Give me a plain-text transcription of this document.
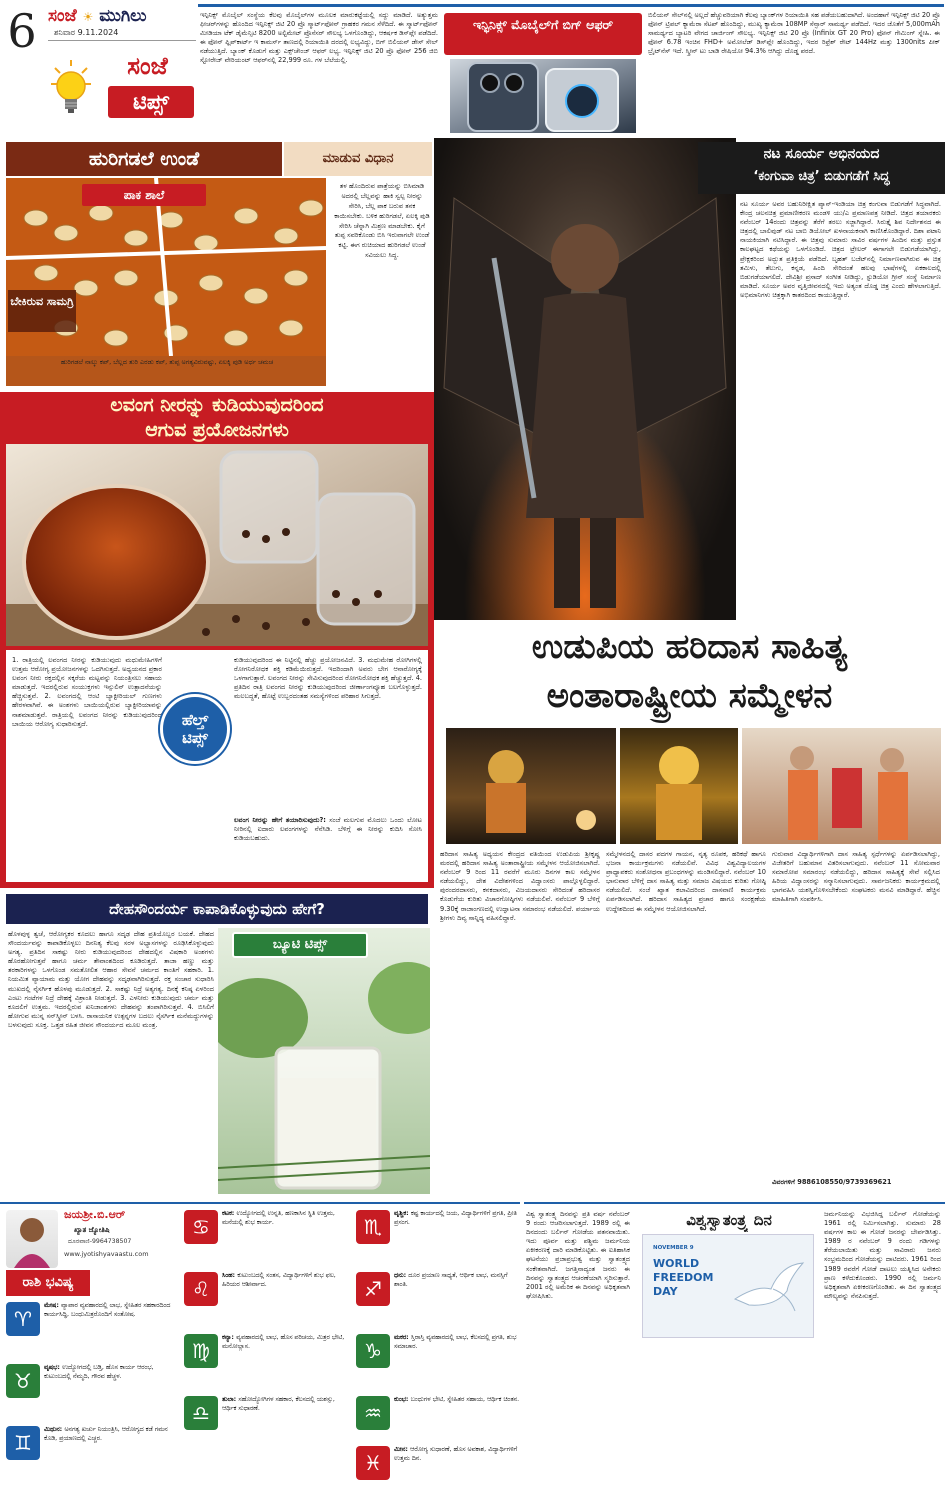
6 ಸಂಜೆ ☀ ಮುಗಿಲು
ಶನಿವಾರ 9.11.2024
ಸಂಜೆ
ಟಿಪ್ಸ್
ಇನ್ಫಿನಿಕ್ಸ್ ಮೊಬೈಲ್ ಸಂಸ್ಥೆಯ ಕೆಲವು ಮೊಬೈಲ್‌ಗಳ ಮೂಲಕ ಮಾರುಕಟ್ಟೆಯಲ್ಲಿ ಸದ್ದು ಮಾಡಿದೆ. ಅತ್ಯುತ್ತಮ ಫೀಚರ್‌ಗಳನ್ನು ಹೊಂದಿದ ಇನ್ಫಿನಿಕ್ಸ್ ಜಿಟಿ 20 ಪ್ರೊ ಸ್ಮಾರ್ಟ್‌ಫೋನ್ ಗ್ರಾಹಕರ ಗಮನ ಸೆಳೆದಿದೆ. ಈ ಸ್ಮಾರ್ಟ್‌ಫೋನ್ ಮೀಡಿಯಾ ಟೆಕ್ ಡೈಮೆನ್ಸಿಟಿ 8200 ಅಲ್ಟಿಮೇಟ್ ಪ್ರೊಸೆಸರ್ ಸೌಲಭ್ಯ ಒಳಗೊಂಡಿದ್ದು, ಆಕರ್ಷಕ ಡಿಸ್‌ಪ್ಲೇ ಪಡೆದಿದೆ. ಈ ಫೋನ್ ಫ್ಲಿಪ್‌ಕಾರ್ಟ್ ಇ ಕಾಮರ್ಸ್ ತಾಣದಲ್ಲಿ ರಿಯಾಯಿತಿ ದರದಲ್ಲಿ ಲಭ್ಯವಿದ್ದು, ಬಿಗ್ ಬಿಲಿಯನ್ ಡೇಸ್ ಸೇಲ್ ನಡೆಯುತ್ತಿದೆ. ಬ್ಯಾಂಕ್ ಕೊಡುಗೆ ಮತ್ತು ಎಕ್ಸ್‌ಚೇಂಜ್ ಆಫರ್ ಲಭ್ಯ. ಇನ್ಫಿನಿಕ್ಸ್ ಜಿಟಿ 20 ಪ್ರೊ ಫೋನ್ 256 ಜಿಬಿ ಸ್ಟೋರೇಜ್ ವೇರಿಯಂಟ್ ಆಫರ್‌ನಲ್ಲಿ 22,999 ರೂ. ಗಳ ಬೆಲೆಯಲ್ಲಿ.
ಇನ್ಫಿನಿಕ್ಸ್ ಮೊಬೈಲ್‌ಗೆ ಬಿಗ್ ಆಫರ್
ಬಿಲಿಯನ್ ಸೇಲ್‌ನಲ್ಲಿ ಅಲ್ಲದೆ ಹೆಚ್ಚುವರಿಯಾಗಿ ಕೆಲವು ಬ್ಯಾಂಕ್‌ಗಳ ರಿಯಾಯಿತಿ ಸಹ ಪಡೆಯಬಹುದಾಗಿದೆ. ಅಂದಹಾಗೆ ಇನ್ಫಿನಿಕ್ಸ್ ಜಿಟಿ 20 ಪ್ರೊ ಫೋನ್ ಟ್ರಿಪಲ್ ಕ್ಯಾಮೆರಾ ಸೆಟಪ್ ಹೊಂದಿದ್ದು, ಮುಖ್ಯ ಕ್ಯಾಮೆರಾ 108MP ಸೆನ್ಸಾರ್ ಸಾಮರ್ಥ್ಯ ಪಡೆದಿದೆ. ಇದರ ಜೊತೆಗೆ 5,000mAh ಸಾಮರ್ಥ್ಯದ ಬ್ಯಾಟರಿ ವೇಗದ ಚಾರ್ಜಿಂಗ್ ಸೌಲಭ್ಯ. ಇನ್ಫಿನಿಕ್ಸ್ ಜಿಟಿ 20 ಪ್ರೊ (Infinix GT 20 Pro) ಫೋನ್ ಗೇಮಿಂಗ್ ಸ್ನೇಹಿ. ಈ ಫೋನ್ 6.78 ಇಂಚಿನ FHD+ ಅಮೋಲೆಡ್ ಡಿಸ್‌ಪ್ಲೇ ಹೊಂದಿದ್ದು, ಇದರ ರಿಫ್ರೆಶ್ ರೇಟ್ 144Hz ಮತ್ತು 1300nits ಪೀಕ್ ಬ್ರೈಟ್‌ನೆಸ್ ಇದೆ. ಸ್ಕ್ರೀನ್ ಟು ಬಾಡಿ ರೇಷಿಯೋ 94.3% ಆಗಿದ್ದು ದೊಡ್ಡ ಪರದೆ.
ಹುರಿಗಡಲೆ ಉಂಡೆ	ಮಾಡುವ ವಿಧಾನ
ಪಾಕ ಶಾಲೆ
ಬೇಕಿರುವ ಸಾಮಗ್ರಿ
ಹುರಿಗಡಲೆ ನಾಲ್ಕು ಕಪ್, ಬೆಲ್ಲದ ತುರಿ ಎರಡು ಕಪ್, ತುಪ್ಪ ಅಗತ್ಯವಿರುವಷ್ಟು, ಏಲಕ್ಕಿ ಪುಡಿ ಅರ್ಧ ಚಮಚ
ತಳ ಹೊಂದಿರುವ ಪಾತ್ರೆಯನ್ನು ಬಿಸಿಮಾಡಿ ಅದರಲ್ಲಿ ಬೆಲ್ಲವನ್ನು ಹಾಕಿ ಸ್ವಲ್ಪ ನೀರನ್ನು ಸೇರಿಸಿ, ಬೆಲ್ಲ ಪಾಕ ಬರುವ ತನಕ ಕಾಯಿಸಬೇಕು. ಬಳಿಕ ಹುರಿಗಡಲೆ, ಏಲಕ್ಕಿ ಪುಡಿ ಸೇರಿಸಿ ಚೆನ್ನಾಗಿ ಮಿಶ್ರಣ ಮಾಡಬೇಕು. ಕೈಗೆ ತುಪ್ಪ ಸವರಿಕೊಂಡು ಬಿಸಿ ಇರುವಾಗಲೇ ಉಂಡೆ ಕಟ್ಟಿ. ಈಗ ರುಚಿಯಾದ ಹುರಿಗಡಲೆ ಉಂಡೆ ಸವಿಯಲು ಸಿದ್ಧ.
ಲವಂಗ ನೀರನ್ನು ಕುಡಿಯುವುದರಿಂದ
ಆಗುವ ಪ್ರಯೋಜನಗಳು
1. ರಾತ್ರಿಯಲ್ಲಿ ಲವಂಗದ ನೀರನ್ನು ಕುಡಿಯುವುದು ಮಧುಮೇಹಿಗಳಿಗೆ ಉತ್ತಮ ಆರೋಗ್ಯ ಪ್ರಯೋಜನಗಳನ್ನು ಒದಗಿಸುತ್ತದೆ. ಅಧ್ಯಯನದ ಪ್ರಕಾರ ಲವಂಗ ನೀರು ರಕ್ತದಲ್ಲಿನ ಸಕ್ಕರೆಯ ಮಟ್ಟವನ್ನು ನಿಯಂತ್ರಿಸಲು ಸಹಾಯ ಮಾಡುತ್ತದೆ. ಇದರಲ್ಲಿರುವ ಸಂಯುಕ್ತಗಳು ಇನ್ಸುಲಿನ್ ಉತ್ಪಾದನೆಯನ್ನು ಹೆಚ್ಚಿಸುತ್ತವೆ. 2. ಲವಂಗದಲ್ಲಿ ಆಂಟಿ ಬ್ಯಾಕ್ಟೀರಿಯಲ್ ಗುಣಗಳು ಹೇರಳವಾಗಿವೆ. ಈ ಅಂಶಗಳು ಬಾಯಿಯಲ್ಲಿರುವ ಬ್ಯಾಕ್ಟೀರಿಯಾವನ್ನು ನಾಶಮಾಡುತ್ತವೆ. ರಾತ್ರಿಯಲ್ಲಿ ಲವಂಗದ ನೀರನ್ನು ಕುಡಿಯುವುದರಿಂದ ಬಾಯಿಯ ಆರೋಗ್ಯ ಸುಧಾರಿಸುತ್ತದೆ.	ಹೆಲ್ತ್
ಟಿಪ್ಸ್
ಕುಡಿಯುವುದರಿಂದ ಈ ನಿಟ್ಟಿನಲ್ಲಿ ಹೆಚ್ಚು ಪ್ರಯೋಜನವಿದೆ. 3. ಮಧುಮೇಹ ರೋಗಿಗಳಲ್ಲಿ ರೋಗನಿರೋಧಕ ಶಕ್ತಿ ಕಡಿಮೆಯಿರುತ್ತದೆ. ಇದರಿಂದಾಗಿ ಅವರು ಬೇಗ ಆನಾರೋಗ್ಯಕ್ಕೆ ಒಳಗಾಗುತ್ತಾರೆ. ಲವಂಗದ ನೀರನ್ನು ಸೇವಿಸುವುದರಿಂದ ರೋಗನಿರೋಧಕ ಶಕ್ತಿ ಹೆಚ್ಚುತ್ತದೆ. 4. ಪ್ರತಿದಿನ ರಾತ್ರಿ ಲವಂಗದ ನೀರನ್ನು ಕುಡಿಯುವುದರಿಂದ ಜೀರ್ಣಾಂಗವ್ಯೂಹ ಬಲಗೊಳ್ಳುತ್ತದೆ. ಮಲಬದ್ಧತೆ, ಹೊಟ್ಟೆ ಉಬ್ಬರದಂತಹ ಸಮಸ್ಯೆಗಳಿಂದ ಪರಿಹಾರ ಸಿಗುತ್ತದೆ.
ಲವಂಗ ನೀರನ್ನು ಹೇಗೆ ತಯಾರಿಸುವುದು?: ಸಂಜೆ ಮಲಗುವ ಮೊದಲು ಒಂದು ಲೋಟ ನೀರಿನಲ್ಲಿ ಐದಾರು ಲವಂಗಗಳನ್ನು ನೆನೆಸಿಡಿ. ಬೆಳಿಗ್ಗೆ ಈ ನೀರನ್ನು ಕುದಿಸಿ ಸೋಸಿ ಕುಡಿಯಬಹುದು.
ದೇಹಸೌಂದರ್ಯ ಕಾಪಾಡಿಕೊಳ್ಳುವುದು ಹೇಗೆ?
ಹೊಳಪುಳ್ಳ ತ್ವಚೆ, ಆರೋಗ್ಯಕರ ಕೂದಲು ಹಾಗೂ ಸದೃಢ ದೇಹ ಪ್ರತಿಯೊಬ್ಬರ ಬಯಕೆ. ದೇಹದ ಸೌಂದರ್ಯವನ್ನು ಕಾಪಾಡಿಕೊಳ್ಳಲು ದಿನನಿತ್ಯ ಕೆಲವು ಸರಳ ಅಭ್ಯಾಸಗಳನ್ನು ರೂಢಿಸಿಕೊಳ್ಳುವುದು ಅಗತ್ಯ. ಪ್ರತಿದಿನ ಸಾಕಷ್ಟು ನೀರು ಕುಡಿಯುವುದರಿಂದ ದೇಹದಲ್ಲಿನ ವಿಷಕಾರಿ ಅಂಶಗಳು ಹೊರಹೋಗುತ್ತವೆ ಹಾಗೂ ಚರ್ಮ ತೇವಾಂಶದಿಂದ ಕೂಡಿರುತ್ತದೆ. ತಾಜಾ ಹಣ್ಣು ಮತ್ತು ತರಕಾರಿಗಳನ್ನು ಒಳಗೊಂಡ ಸಮತೋಲಿತ ಆಹಾರ ಸೇವನೆ ಚರ್ಮದ ಕಾಂತಿಗೆ ಸಹಕಾರಿ. 1. ನಿಯಮಿತ ವ್ಯಾಯಾಮ ಮತ್ತು ಯೋಗ ದೇಹವನ್ನು ಸದೃಢವಾಗಿರಿಸುತ್ತದೆ. ರಕ್ತ ಸಂಚಾರ ಸುಧಾರಿಸಿ ಮುಖದಲ್ಲಿ ನೈಸರ್ಗಿಕ ಹೊಳಪು ಮೂಡುತ್ತದೆ. 2. ಸಾಕಷ್ಟು ನಿದ್ರೆ ಅತ್ಯಗತ್ಯ. ದಿನಕ್ಕೆ ಕನಿಷ್ಠ ಏಳರಿಂದ ಎಂಟು ಗಂಟೆಗಳ ನಿದ್ರೆ ದೇಹಕ್ಕೆ ವಿಶ್ರಾಂತಿ ನೀಡುತ್ತದೆ. 3. ಎಳನೀರು ಕುಡಿಯುವುದು ಚರ್ಮ ಮತ್ತು ಕೂದಲಿಗೆ ಉತ್ತಮ. ಇದರಲ್ಲಿರುವ ಖನಿಜಾಂಶಗಳು ದೇಹವನ್ನು ತಂಪಾಗಿರಿಸುತ್ತವೆ. 4. ಬಿಸಿಲಿಗೆ ಹೋಗುವ ಮುನ್ನ ಸನ್‌ಸ್ಕ್ರೀನ್ ಬಳಸಿ. ರಾಸಾಯನಿಕ ಉತ್ಪನ್ನಗಳ ಬದಲು ನೈಸರ್ಗಿಕ ಮನೆಮದ್ದುಗಳನ್ನು ಬಳಸುವುದು ಸೂಕ್ತ. ಒತ್ತಡ ರಹಿತ ಜೀವನ ಸೌಂದರ್ಯದ ಮೂಲ ಮಂತ್ರ.
ಬ್ಯೂಟಿ ಟಿಪ್ಸ್
ನಟ ಸೂರ್ಯ ಅಭಿನಯದ
‘ಕಂಗುವಾ ಚಿತ್ರ’ ಬಿಡುಗಡೆಗೆ ಸಿದ್ಧ
ನಟ ಸೂರ್ಯ ಅವರ ಬಹುನಿರೀಕ್ಷಿತ ಪ್ಯಾನ್-ಇಂಡಿಯಾ ಚಿತ್ರ ಕಂಗುವಾ ಬಿಡುಗಡೆಗೆ ಸಿದ್ಧವಾಗಿದೆ. ಕೇಂದ್ರ ಚಲನಚಿತ್ರ ಪ್ರಮಾಣೀಕರಣ ಮಂಡಳಿ ಯು/ಎ ಪ್ರಮಾಣಪತ್ರ ನೀಡಿದೆ. ಚಿತ್ರದ ತಯಾರಕರು ನವೆಂಬರ್ 14ರಂದು ಚಿತ್ರವನ್ನು ತೆರೆಗೆ ತರಲು ಸಜ್ಜಾಗಿದ್ದಾರೆ. ಸಿರುತ್ತೈ ಶಿವ ನಿರ್ದೇಶನದ ಈ ಚಿತ್ರದಲ್ಲಿ ಬಾಲಿವುಡ್ ನಟ ಬಾಬಿ ಡಿಯೋಲ್ ಖಳನಾಯಕನಾಗಿ ಕಾಣಿಸಿಕೊಂಡಿದ್ದಾರೆ. ದಿಶಾ ಪಟಾನಿ ನಾಯಕಿಯಾಗಿ ನಟಿಸಿದ್ದಾರೆ. ಈ ಚಿತ್ರವು ಸುಮಾರು ಸಾವಿರ ವರ್ಷಗಳ ಹಿಂದಿನ ಮತ್ತು ಪ್ರಸ್ತುತ ಕಾಲಘಟ್ಟದ ಕಥೆಯನ್ನು ಒಳಗೊಂಡಿದೆ. ಚಿತ್ರದ ಟ್ರೇಲರ್ ಈಗಾಗಲೇ ಬಿಡುಗಡೆಯಾಗಿದ್ದು, ಪ್ರೇಕ್ಷಕರಿಂದ ಅದ್ಭುತ ಪ್ರತಿಕ್ರಿಯೆ ಪಡೆದಿದೆ. ಬೃಹತ್ ಬಜೆಟ್‌ನಲ್ಲಿ ನಿರ್ಮಾಣವಾಗಿರುವ ಈ ಚಿತ್ರ ತಮಿಳು, ತೆಲುಗು, ಕನ್ನಡ, ಹಿಂದಿ ಸೇರಿದಂತೆ ಹಲವು ಭಾಷೆಗಳಲ್ಲಿ ಏಕಕಾಲದಲ್ಲಿ ಬಿಡುಗಡೆಯಾಗಲಿದೆ. ದೇವಿಶ್ರೀ ಪ್ರಸಾದ್ ಸಂಗೀತ ನೀಡಿದ್ದು, ಸ್ಟುಡಿಯೋ ಗ್ರೀನ್ ಸಂಸ್ಥೆ ನಿರ್ಮಾಣ ಮಾಡಿದೆ. ಸೂರ್ಯ ಅವರ ವೃತ್ತಿಜೀವನದಲ್ಲಿ ಇದು ಅತ್ಯಂತ ದೊಡ್ಡ ಚಿತ್ರ ಎಂದು ಹೇಳಲಾಗುತ್ತಿದೆ. ಅಭಿಮಾನಿಗಳು ಚಿತ್ರಕ್ಕಾಗಿ ಕಾತರದಿಂದ ಕಾಯುತ್ತಿದ್ದಾರೆ.
ಉಡುಪಿಯ ಹರಿದಾಸ ಸಾಹಿತ್ಯ
ಅಂತಾರಾಷ್ಟ್ರೀಯ ಸಮ್ಮೇಳನ
ಹರಿದಾಸ ಸಾಹಿತ್ಯ ಅಧ್ಯಯನ ಕೇಂದ್ರದ ವತಿಯಿಂದ ಉಡುಪಿಯ ಶ್ರೀಕೃಷ್ಣ ಮಠದಲ್ಲಿ ಹರಿದಾಸ ಸಾಹಿತ್ಯ ಅಂತಾರಾಷ್ಟ್ರೀಯ ಸಮ್ಮೇಳನ ಆಯೋಜಿಸಲಾಗಿದೆ. ನವೆಂಬರ್ 9 ರಿಂದ 11 ರವರೆಗೆ ಮೂರು ದಿನಗಳ ಕಾಲ ಸಮ್ಮೇಳನ ನಡೆಯಲಿದ್ದು, ದೇಶ ವಿದೇಶಗಳಿಂದ ವಿದ್ವಾಂಸರು ಪಾಲ್ಗೊಳ್ಳಲಿದ್ದಾರೆ. ಪುರಂದರದಾಸರು, ಕನಕದಾಸರು, ವಿಜಯದಾಸರು ಸೇರಿದಂತೆ ಹರಿದಾಸರ ಕೊಡುಗೆಯ ಕುರಿತು ವಿಚಾರಗೋಷ್ಠಿಗಳು ನಡೆಯಲಿವೆ. ನವೆಂಬರ್ 9 ಬೆಳಿಗ್ಗೆ 9.30ಕ್ಕೆ ರಾಜಾಂಗಣದಲ್ಲಿ ಉದ್ಘಾಟನಾ ಸಮಾರಂಭ ನಡೆಯಲಿದೆ. ಪರ್ಯಾಯ ಶ್ರೀಗಳು ದಿವ್ಯ ಸಾನ್ನಿಧ್ಯ ವಹಿಸಲಿದ್ದಾರೆ.
ಸಮ್ಮೇಳನದಲ್ಲಿ ದಾಸರ ಪದಗಳ ಗಾಯನ, ನೃತ್ಯ ರೂಪಕ, ಹರಿಕಥೆ ಹಾಗೂ ಭಜನಾ ಕಾರ್ಯಕ್ರಮಗಳು ನಡೆಯಲಿವೆ. ವಿವಿಧ ವಿಶ್ವವಿದ್ಯಾಲಯಗಳ ಪ್ರಾಧ್ಯಾಪಕರು ಸಂಶೋಧನಾ ಪ್ರಬಂಧಗಳನ್ನು ಮಂಡಿಸಲಿದ್ದಾರೆ. ನವೆಂಬರ್ 10 ಭಾನುವಾರ ಬೆಳಿಗ್ಗೆ ದಾಸ ಸಾಹಿತ್ಯ ಮತ್ತು ಸಮಾಜ ವಿಷಯದ ಕುರಿತು ಗೋಷ್ಠಿ ನಡೆಯಲಿದೆ. ಸಂಜೆ ಖ್ಯಾತ ಕಲಾವಿದರಿಂದ ದಾಸವಾಣಿ ಕಾರ್ಯಕ್ರಮ ಏರ್ಪಡಿಸಲಾಗಿದೆ. ಹರಿದಾಸ ಸಾಹಿತ್ಯದ ಪ್ರಚಾರ ಹಾಗೂ ಸಂರಕ್ಷಣೆಯ ಉದ್ದೇಶದಿಂದ ಈ ಸಮ್ಮೇಳನ ಆಯೋಜಿಸಲಾಗಿದೆ.
ಗುರುವಾರ ವಿದ್ಯಾರ್ಥಿಗಳಿಗಾಗಿ ದಾಸ ಸಾಹಿತ್ಯ ಸ್ಪರ್ಧೆಗಳನ್ನು ಏರ್ಪಡಿಸಲಾಗಿದ್ದು, ವಿಜೇತರಿಗೆ ಬಹುಮಾನ ವಿತರಿಸಲಾಗುವುದು. ನವೆಂಬರ್ 11 ಸೋಮವಾರ ಸಮಾರೋಪ ಸಮಾರಂಭ ನಡೆಯಲಿದ್ದು, ಹರಿದಾಸ ಸಾಹಿತ್ಯಕ್ಕೆ ಸೇವೆ ಸಲ್ಲಿಸಿದ ಹಿರಿಯ ವಿದ್ವಾಂಸರನ್ನು ಸನ್ಮಾನಿಸಲಾಗುವುದು. ಸಾರ್ವಜನಿಕರು ಕಾರ್ಯಕ್ರಮದಲ್ಲಿ ಭಾಗವಹಿಸಿ ಯಶಸ್ವಿಗೊಳಿಸಬೇಕೆಂದು ಸಂಘಟಕರು ಮನವಿ ಮಾಡಿದ್ದಾರೆ. ಹೆಚ್ಚಿನ ಮಾಹಿತಿಗಾಗಿ ಸಂಪರ್ಕಿಸಿ.
ವಿವರಗಳಿಗೆ 9886108550/9739369621
ಜಯಶ್ರೀ.ಬಿ.ಆರ್
ಖ್ಯಾತ ಜ್ಯೋತಿಷಿ
ದೂರವಾಣಿ-9964738507
www.jyotishyavaastu.com
ರಾಶಿ ಭವಿಷ್ಯ
♈
ಮೇಷ: ವ್ಯಾಪಾರ ವ್ಯವಹಾರದಲ್ಲಿ ಲಾಭ, ಸ್ನೇಹಿತರ ಸಹಕಾರದಿಂದ ಕಾರ್ಯಸಿದ್ಧಿ, ಬಂಧುಮಿತ್ರರೊಂದಿಗೆ ಸಂತೋಷ.
♉
ವೃಷಭ: ಉದ್ಯೋಗದಲ್ಲಿ ಬಡ್ತಿ, ಹೊಸ ಕಾರ್ಯ ಆರಂಭ, ಕುಟುಂಬದಲ್ಲಿ ನೆಮ್ಮದಿ, ಗೌರವ ಹೆಚ್ಚಳ.
♊
ಮಿಥುನ: ಅನಗತ್ಯ ಖರ್ಚು ನಿಯಂತ್ರಿಸಿ, ಆರೋಗ್ಯದ ಕಡೆ ಗಮನ ಕೊಡಿ, ಪ್ರಯಾಣದಲ್ಲಿ ಎಚ್ಚರ.
♋
ಕಟಕ: ಉದ್ಯೋಗದಲ್ಲಿ ಉನ್ನತಿ, ಹಣಕಾಸಿನ ಸ್ಥಿತಿ ಉತ್ತಮ, ಮನೆಯಲ್ಲಿ ಶುಭ ಕಾರ್ಯ.
♌
ಸಿಂಹ: ಕುಟುಂಬದಲ್ಲಿ ಸಂತಸ, ವಿದ್ಯಾರ್ಥಿಗಳಿಗೆ ಶುಭ ಫಲ, ಹಿರಿಯರ ಆಶೀರ್ವಾದ.
♍
ಕನ್ಯಾ: ವ್ಯವಹಾರದಲ್ಲಿ ಲಾಭ, ಹೊಸ ಪರಿಚಯ, ಮಿತ್ರರ ಭೇಟಿ, ಮನೋಲ್ಲಾಸ.
♎
ತುಲಾ: ಸಹೋದ್ಯೋಗಿಗಳ ಸಹಕಾರ, ಕೆಲಸದಲ್ಲಿ ಯಶಸ್ಸು, ಆರ್ಥಿಕ ಸುಧಾರಣೆ.
♏
ವೃಶ್ಚಿಕ: ಕಷ್ಟ ಕಾರ್ಯದಲ್ಲಿ ಜಯ, ವಿದ್ಯಾರ್ಥಿಗಳಿಗೆ ಪ್ರಗತಿ, ಪ್ರೀತಿ ಪ್ರಸಂಗ.
♐
ಧನು: ದೂರ ಪ್ರಯಾಣ ಸಾಧ್ಯತೆ, ಆರ್ಥಿಕ ಲಾಭ, ಮನಸ್ಸಿಗೆ ಶಾಂತಿ.
♑
ಮಕರ: ಸ್ತಿರಾಸ್ತಿ ವ್ಯವಹಾರದಲ್ಲಿ ಲಾಭ, ಕೆಲಸದಲ್ಲಿ ಪ್ರಗತಿ, ಶುಭ ಸಮಾಚಾರ.
♒
ಕುಂಭ: ಬಂಧುಗಳ ಭೇಟಿ, ಸ್ನೇಹಿತರ ಸಹಾಯ, ಆರ್ಥಿಕ ಚಿಂತನ.
♓
ಮೀನ: ಆರೋಗ್ಯ ಸುಧಾರಣೆ, ಹೊಸ ಅವಕಾಶ, ವಿದ್ಯಾರ್ಥಿಗಳಿಗೆ ಉತ್ತಮ ದಿನ.
ವಿಶ್ವ ಸ್ವಾತಂತ್ರ್ಯ ದಿನವನ್ನು ಪ್ರತಿ ವರ್ಷ ನವೆಂಬರ್ 9 ರಂದು ಆಚರಿಸಲಾಗುತ್ತದೆ. 1989 ರಲ್ಲಿ ಈ ದಿನದಂದು ಬರ್ಲಿನ್ ಗೋಡೆಯ ಪತನವಾಯಿತು. ಇದು ಪೂರ್ವ ಮತ್ತು ಪಶ್ಚಿಮ ಜರ್ಮನಿಯ ಏಕೀಕರಣಕ್ಕೆ ದಾರಿ ಮಾಡಿಕೊಟ್ಟಿತು. ಈ ಐತಿಹಾಸಿಕ ಘಟನೆಯು ಪ್ರಜಾಪ್ರಭುತ್ವ ಮತ್ತು ಸ್ವಾತಂತ್ರ್ಯದ ಸಂಕೇತವಾಗಿದೆ. ಜಗತ್ತಿನಾದ್ಯಂತ ಜನರು ಈ ದಿನವನ್ನು ಸ್ವಾತಂತ್ರ್ಯದ ಆಚರಣೆಯಾಗಿ ಸ್ಮರಿಸುತ್ತಾರೆ. 2001 ರಲ್ಲಿ ಅಮೆರಿಕ ಈ ದಿನವನ್ನು ಅಧಿಕೃತವಾಗಿ ಘೋಷಿಸಿತು.
ವಿಶ್ವಸ್ವಾತಂತ್ರ್ಯ ದಿನ
NOVEMBER 9
WORLD
FREEDOM
DAY
ಜರ್ಮನಿಯನ್ನು ವಿಭಜಿಸಿದ್ದ ಬರ್ಲಿನ್ ಗೋಡೆಯನ್ನು 1961 ರಲ್ಲಿ ನಿರ್ಮಿಸಲಾಗಿತ್ತು. ಸುಮಾರು 28 ವರ್ಷಗಳ ಕಾಲ ಈ ಗೋಡೆ ಜನರನ್ನು ಬೇರ್ಪಡಿಸಿತ್ತು. 1989 ರ ನವೆಂಬರ್ 9 ರಂದು ಗಡಿಗಳನ್ನು ತೆರೆಯಲಾಯಿತು ಮತ್ತು ಸಾವಿರಾರು ಜನರು ಸಂಭ್ರಮದಿಂದ ಗೋಡೆಯನ್ನು ದಾಟಿದರು. 1961 ರಿಂದ 1989 ರವರೆಗೆ ಗೋಡೆ ದಾಟಲು ಯತ್ನಿಸಿದ ಅನೇಕರು ಪ್ರಾಣ ಕಳೆದುಕೊಂಡರು. 1990 ರಲ್ಲಿ ಜರ್ಮನಿ ಅಧಿಕೃತವಾಗಿ ಏಕೀಕರಣಗೊಂಡಿತು. ಈ ದಿನ ಸ್ವಾತಂತ್ರ್ಯದ ಮೌಲ್ಯವನ್ನು ನೆನಪಿಸುತ್ತದೆ.
